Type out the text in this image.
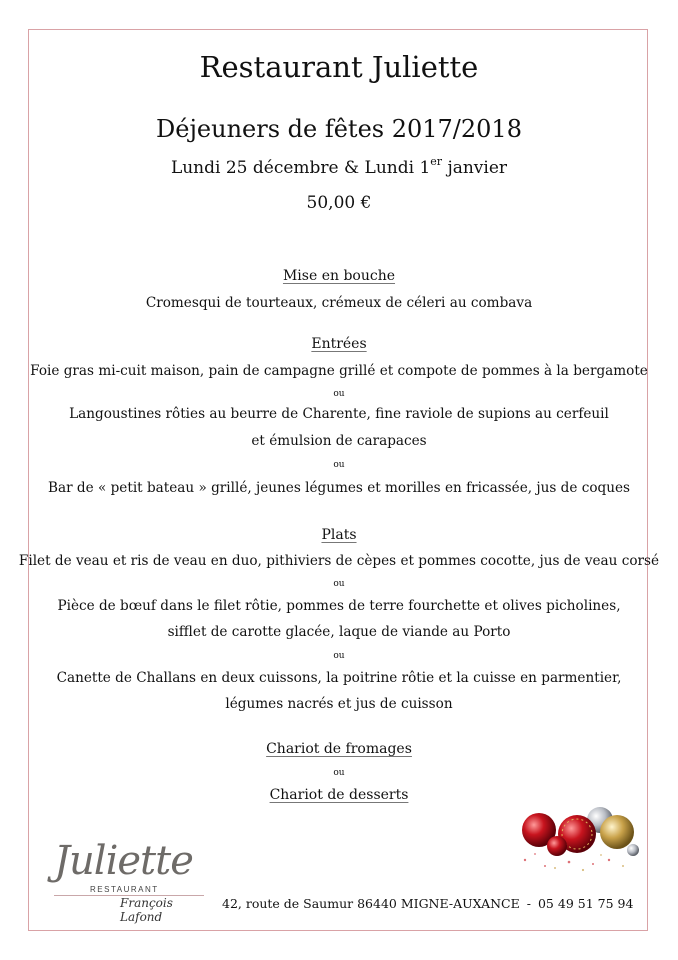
Restaurant Juliette
Déjeuners de fêtes 2017/2018
Lundi 25 décembre & Lundi 1er janvier
50,00 €
Mise en bouche
Cromesqui de tourteaux, crémeux de céleri au combava
Entrées
Foie gras mi-cuit maison, pain de campagne grillé et compote de pommes à la bergamote
ou
Langoustines rôties au beurre de Charente, fine raviole de supions au cerfeuil
et émulsion de carapaces
ou
Bar de « petit bateau » grillé, jeunes légumes et morilles en fricassée, jus de coques
Plats
Filet de veau et ris de veau en duo, pithiviers de cèpes et pommes cocotte, jus de veau corsé
ou
Pièce de bœuf dans le filet rôtie, pommes de terre fourchette et olives picholines,
sifflet de carotte glacée, laque de viande au Porto
ou
Canette de Challans en deux cuissons, la poitrine rôtie et la cuisse en parmentier,
légumes nacrés et jus de cuisson
Chariot de fromages
ou
Chariot de desserts
Juliette
RESTAURANT
François Lafond
42, route de Saumur 86440 MIGNE-AUXANCE - 05 49 51 75 94
